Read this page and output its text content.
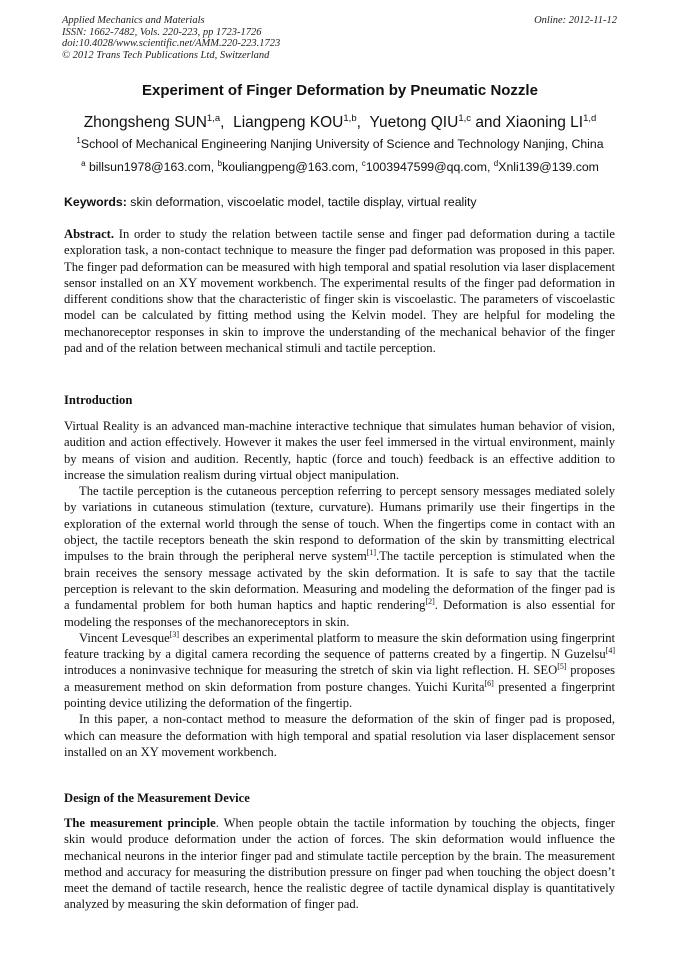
Applied Mechanics and Materials	Online: 2012-11-12
ISSN: 1662-7482, Vols. 220-223, pp 1723-1726
doi:10.4028/www.scientific.net/AMM.220-223.1723
© 2012 Trans Tech Publications Ltd, Switzerland
Experiment of Finger Deformation by Pneumatic Nozzle
Zhongsheng SUN$^{1,a}$, Liangpeng KOU$^{1,b}$, Yuetong QIU$^{1,c}$ and Xiaoning LI$^{1,d}$
$^1$School of Mechanical Engineering Nanjing University of Science and Technology Nanjing, China
$^a$ billsun1978@163.com, $^b$kouliangpeng@163.com, $^c$1003947599@qq.com, $^d$Xnli139@139.com
Keywords: skin deformation, viscoelatic model, tactile display, virtual reality

Abstract. In order to study the relation between tactile sense and finger pad deformation during a tactile exploration task, a non-contact technique to measure the finger pad deformation was proposed in this paper. The finger pad deformation can be measured with high temporal and spatial resolution via laser displacement sensor installed on an XY movement workbench. The experimental results of the finger pad deformation in different conditions show that the characteristic of finger skin is viscoelastic. The parameters of viscoelastic model can be calculated by fitting method using the Kelvin model. They are helpful for modeling the mechanoreceptor responses in skin to improve the understanding of the mechanical behavior of the finger pad and of the relation between mechanical stimuli and tactile perception.

Introduction

Virtual Reality is an advanced man-machine interactive technique that simulates human behavior of vision, audition and action effectively. However it makes the user feel immersed in the virtual environment, mainly by means of vision and audition. Recently, haptic (force and touch) feedback is an effective addition to increase the simulation realism during virtual object manipulation.

The tactile perception is the cutaneous perception referring to percept sensory messages mediated solely by variations in cutaneous stimulation (texture, curvature). Humans primarily use their fingertips in the exploration of the external world through the sense of touch. When the fingertips come in contact with an object, the tactile receptors beneath the skin respond to deformation of the skin by transmitting electrical impulses to the brain through the peripheral nerve system[1].The tactile perception is stimulated when the brain receives the sensory message activated by the skin deformation. It is safe to say that the tactile perception is relevant to the skin deformation. Measuring and modeling the deformation of the finger pad is a fundamental problem for both human haptics and haptic rendering[2]. Deformation is also essential for modeling the responses of the mechanoreceptors in skin.

Vincent Levesque[3] describes an experimental platform to measure the skin deformation using fingerprint feature tracking by a digital camera recording the sequence of patterns created by a fingertip. N Guzelsu[4] introduces a noninvasive technique for measuring the stretch of skin via light reflection. H. SEO[5] proposes a measurement method on skin deformation from posture changes. Yuichi Kurita[6] presented a fingerprint pointing device utilizing the deformation of the fingertip.

In this paper, a non-contact method to measure the deformation of the skin of finger pad is proposed, which can measure the deformation with high temporal and spatial resolution via laser displacement sensor installed on an XY movement workbench.

Design of the Measurement Device

The measurement principle. When people obtain the tactile information by touching the objects, finger skin would produce deformation under the action of forces. The skin deformation would influence the mechanical neurons in the interior finger pad and stimulate tactile perception by the brain. The measurement method and accuracy for measuring the distribution pressure on finger pad when touching the object doesn’t meet the demand of tactile research, hence the realistic degree of tactile dynamical display is quantitatively analyzed by measuring the skin deformation of finger pad.
